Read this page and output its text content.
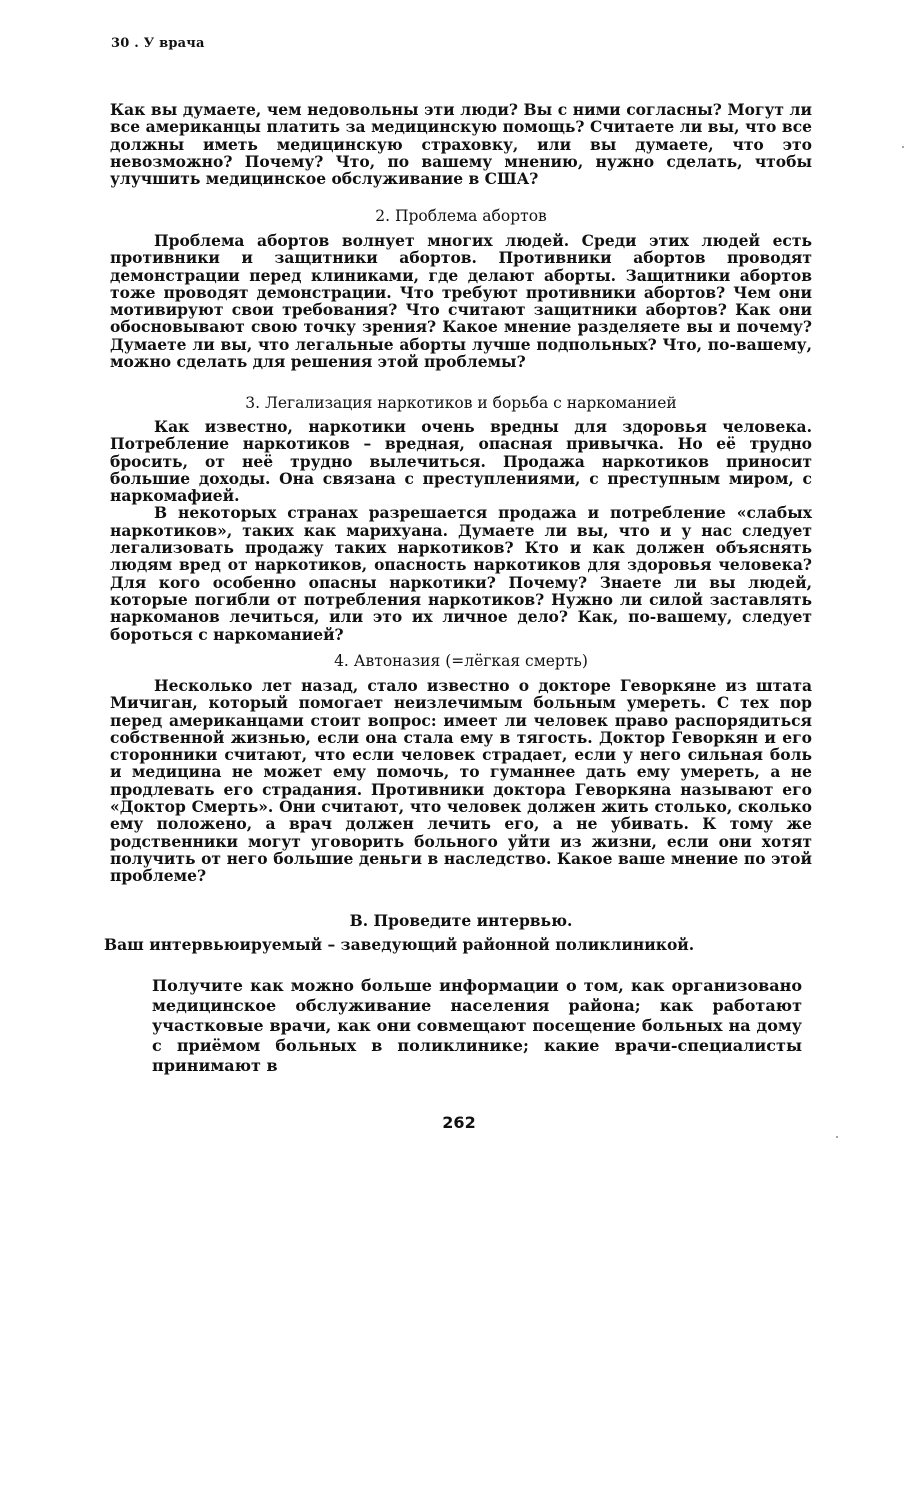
30 . У врача

Как вы думаете, чем недовольны эти люди? Вы с ними согласны? Могут ли все американцы платить за медицинскую помощь? Считаете ли вы, что все должны иметь медицинскую страховку, или вы думаете, что это невозможно? Почему? Что, по вашему мнению, нужно сделать, чтобы улучшить медицинское обслуживание в США?

2. Проблема абортов

Проблема абортов волнует многих людей. Среди этих людей есть противники и защитники абортов. Противники абортов проводят демонстрации перед клиниками, где делают аборты. Защитники абортов тоже проводят демонстрации. Что требуют противники абортов? Чем они мотивируют свои требования? Что считают защитники абортов? Как они обосновывают свою точку зрения? Какое мнение разделяете вы и почему? Думаете ли вы, что легальные аборты лучше подпольных? Что, по-вашему, можно сделать для решения этой проблемы?

3. Легализация наркотиков и борьба с наркоманией

Как известно, наркотики очень вредны для здоровья человека. Потребление наркотиков – вредная, опасная привычка. Но её трудно бросить, от неё трудно вылечиться. Продажа наркотиков приносит большие доходы. Она связана с преступлениями, с преступным миром, с наркомафией.

В некоторых странах разрешается продажа и потребление «слабых наркотиков», таких как марихуана. Думаете ли вы, что и у нас следует легализовать продажу таких наркотиков? Кто и как должен объяснять людям вред от наркотиков, опасность наркотиков для здоровья человека? Для кого особенно опасны наркотики? Почему? Знаете ли вы людей, которые погибли от потребления наркотиков? Нужно ли силой заставлять наркоманов лечиться, или это их личное дело? Как, по-вашему, следует бороться с наркоманией?

4. Автоназия (=лёгкая смерть)

Несколько лет назад, стало известно о докторе Геворкяне из штата Мичиган, который помогает неизлечимым больным умереть. С тех пор перед американцами стоит вопрос: имеет ли человек право распорядиться собственной жизнью, если она стала ему в тягость. Доктор Геворкян и его сторонники считают, что если человек страдает, если у него сильная боль и медицина не может ему помочь, то гуманнее дать ему умереть, а не продлевать его страдания. Противники доктора Геворкяна называют его «Доктор Смерть». Они считают, что человек должен жить столько, сколько ему положено, а врач должен лечить его, а не убивать. К тому же родственники могут уговорить больного уйти из жизни, если они хотят получить от него большие деньги в наследство. Какое ваше мнение по этой проблеме?

В. Проведите интервью.

Ваш интервьюируемый – заведующий районной поликлиникой.

Получите как можно больше информации о том, как организовано медицинское обслуживание населения района; как работают участковые врачи, как они совмещают посещение больных на дому с приёмом больных в поликлинике; какие врачи-специалисты принимают в

262
